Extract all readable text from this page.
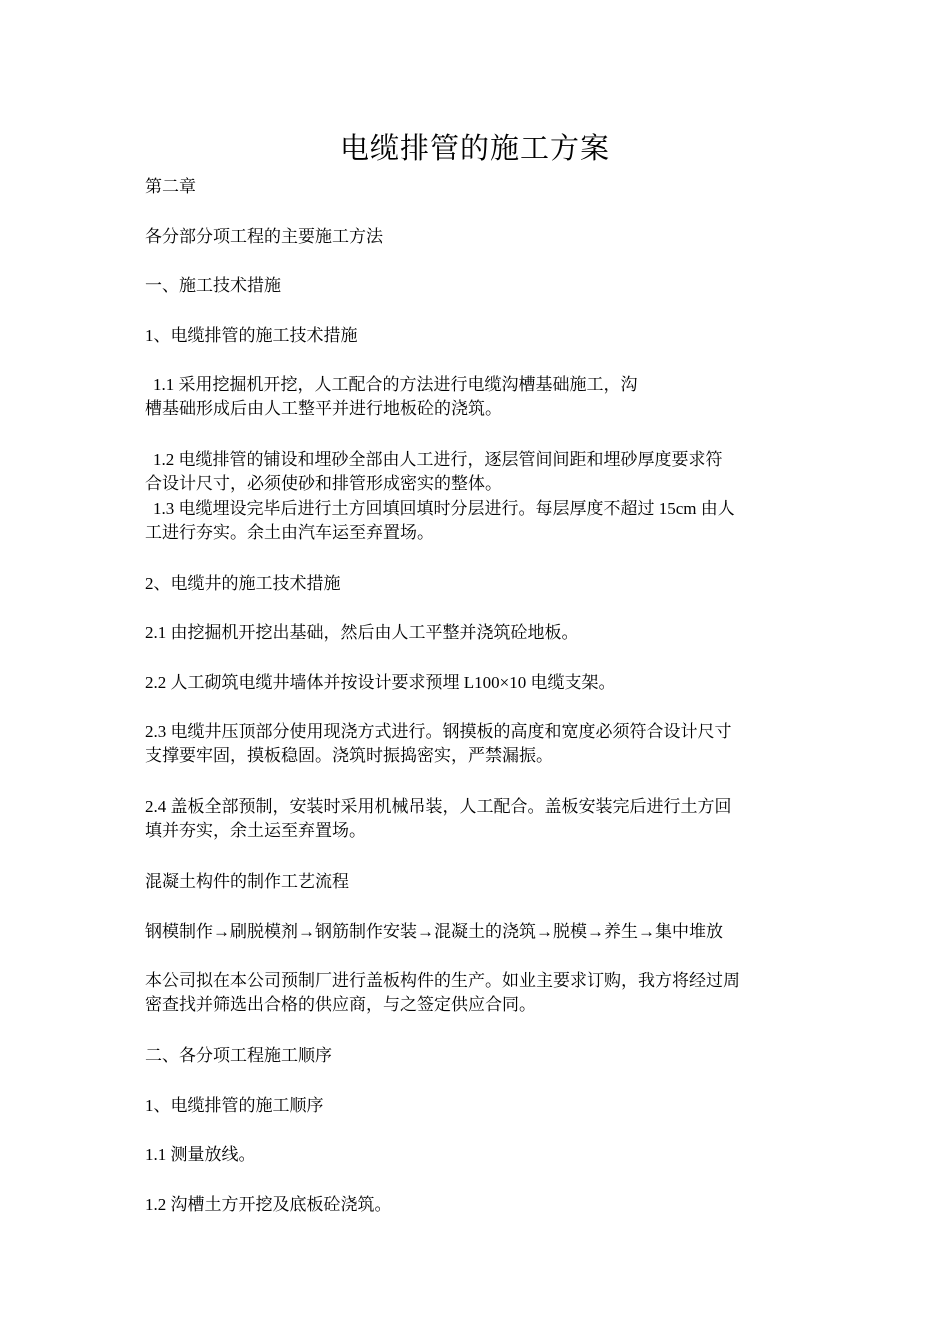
电缆排管的施工方案
第二章
各分部分项工程的主要施工方法
一、施工技术措施
1、电缆排管的施工技术措施
1.1 采用挖掘机开挖，人工配合的方法进行电缆沟槽基础施工，沟
槽基础形成后由人工整平并进行地板砼的浇筑。
1.2 电缆排管的铺设和埋砂全部由人工进行，逐层管间间距和埋砂厚度要求符
合设计尺寸，必须使砂和排管形成密实的整体。
1.3 电缆埋设完毕后进行土方回填回填时分层进行。每层厚度不超过 15cm 由人
工进行夯实。余土由汽车运至弃置场。
2、电缆井的施工技术措施
2.1 由挖掘机开挖出基础，然后由人工平整并浇筑砼地板。
2.2 人工砌筑电缆井墙体并按设计要求预埋 L100×10 电缆支架。
2.3 电缆井压顶部分使用现浇方式进行。钢摸板的高度和宽度必须符合设计尺寸
支撑要牢固，摸板稳固。浇筑时振捣密实，严禁漏振。
2.4 盖板全部预制，安装时采用机械吊装，人工配合。盖板安装完后进行土方回
填并夯实，余土运至弃置场。
混凝土构件的制作工艺流程
钢模制作→刷脱模剂→钢筋制作安装→混凝土的浇筑→脱模→养生→集中堆放
本公司拟在本公司预制厂进行盖板构件的生产。如业主要求订购，我方将经过周
密查找并筛选出合格的供应商，与之签定供应合同。
二、各分项工程施工顺序
1、电缆排管的施工顺序
1.1 测量放线。
1.2 沟槽土方开挖及底板砼浇筑。
